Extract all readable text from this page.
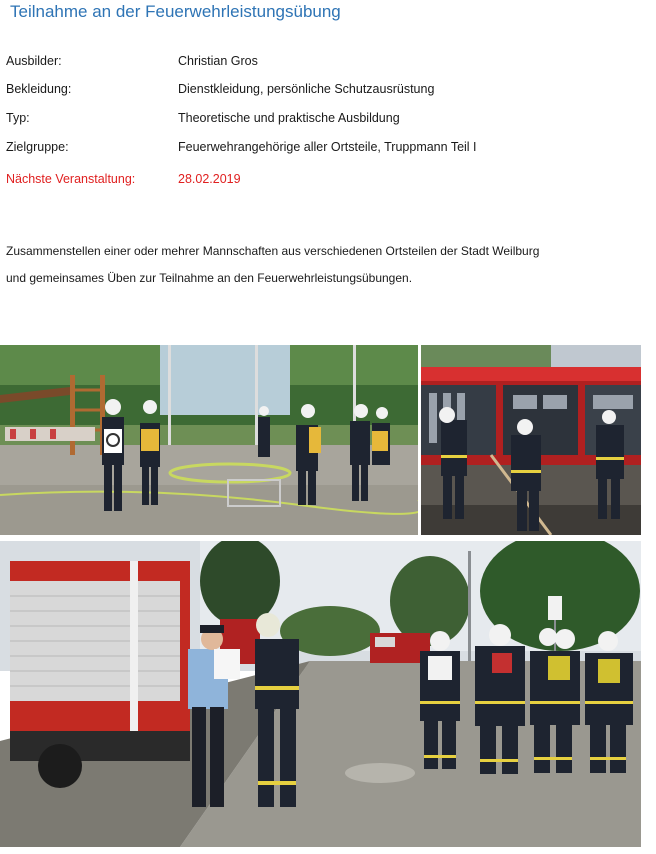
Teilnahme an der Feuerwehrleistungsübung
Ausbilder:	Christian Gros
Bekleidung:	Dienstkleidung, persönliche Schutzausrüstung
Typ:	Theoretische und praktische Ausbildung
Zielgruppe:	Feuerwehrangehörige aller Ortsteile, Truppmann Teil I
Nächste Veranstaltung:	28.02.2019
Zusammenstellen einer oder mehrer Mannschaften aus verschiedenen Ortsteilen der Stadt Weilburg
und gemeinsames Üben zur Teilnahme an den Feuerwehrleistungsübungen.
